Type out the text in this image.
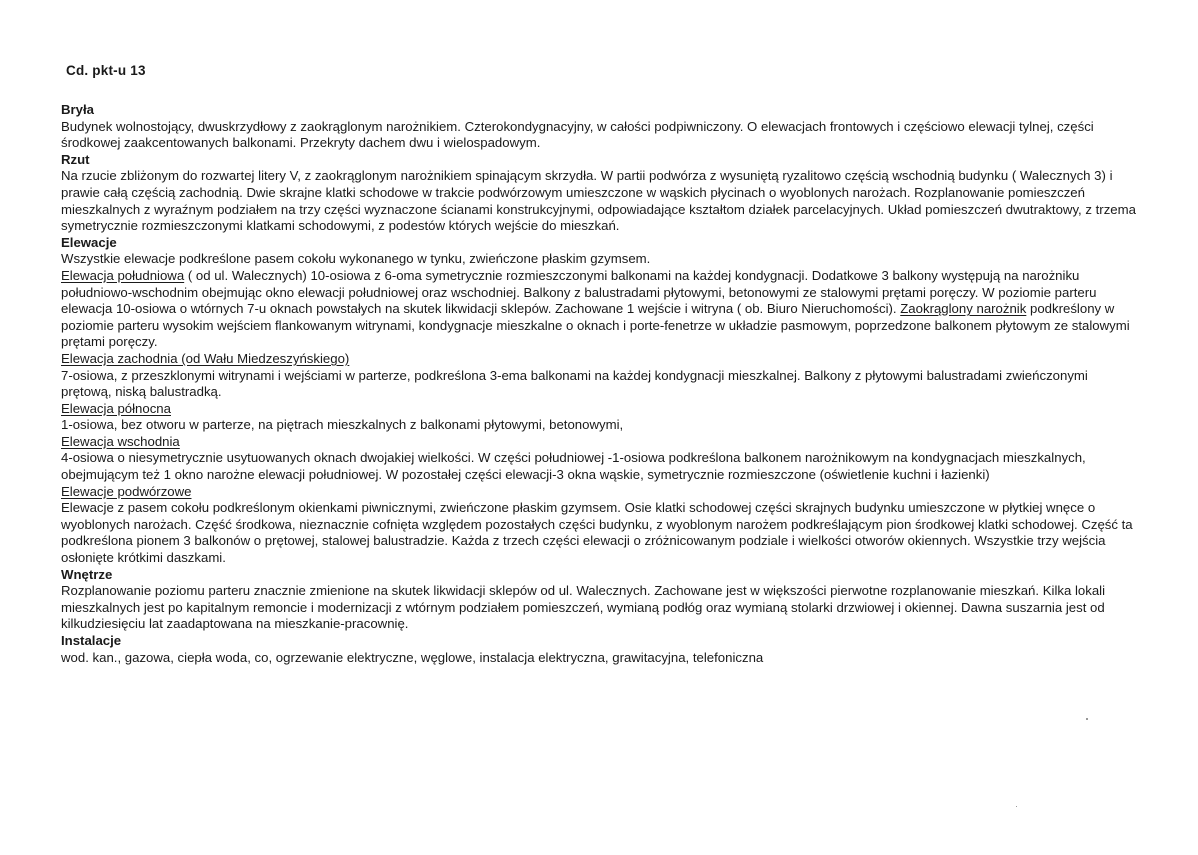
Cd. pkt-u 13
Bryła

Budynek wolnostojący, dwuskrzydłowy z zaokrąglonym narożnikiem. Czterokondygnacyjny, w całości podpiwniczony. O elewacjach frontowych i częściowo elewacji tylnej, części środkowej zaakcentowanych balkonami. Przekryty dachem dwu i wielospadowym.

Rzut

Na rzucie zbliżonym do rozwartej litery V, z zaokrąglonym narożnikiem spinającym skrzydła. W partii podwórza z wysuniętą ryzalitowo częścią wschodnią budynku ( Walecznych 3) i prawie całą częścią zachodnią. Dwie skrajne klatki schodowe w trakcie podwórzowym umieszczone w wąskich płycinach o wyoblonych narożach. Rozplanowanie pomieszczeń mieszkalnych z wyraźnym podziałem na trzy części wyznaczone ścianami konstrukcyjnymi, odpowiadające kształtom działek parcelacyjnych. Układ pomieszczeń dwutraktowy, z trzema symetrycznie rozmieszczonymi klatkami schodowymi, z podestów których wejście do mieszkań.

Elewacje

Wszystkie elewacje podkreślone pasem cokołu wykonanego w tynku, zwieńczone płaskim gzymsem.

Elewacja południowa ( od ul. Walecznych) 10-osiowa z 6-oma symetrycznie rozmieszczonymi balkonami na każdej kondygnacji. Dodatkowe 3 balkony występują na narożniku południowo-wschodnim obejmując okno elewacji południowej oraz wschodniej. Balkony z balustradami płytowymi, betonowymi ze stalowymi prętami poręczy. W poziomie parteru elewacja 10-osiowa o wtórnych 7-u oknach powstałych na skutek likwidacji sklepów. Zachowane 1 wejście i witryna ( ob. Biuro Nieruchomości). Zaokrąglony narożnik podkreślony w poziomie parteru wysokim wejściem flankowanym witrynami, kondygnacje mieszkalne o oknach i porte-fenetrze w układzie pasmowym, poprzedzone balkonem płytowym ze stalowymi prętami poręczy.

Elewacja zachodnia (od Wału Miedzeszyńskiego)

7-osiowa, z przeszklonymi witrynami i wejściami w parterze, podkreślona 3-ema balkonami na każdej kondygnacji mieszkalnej. Balkony z płytowymi balustradami zwieńczonymi prętową, niską balustradką.

Elewacja północna

1-osiowa, bez otworu w parterze, na piętrach mieszkalnych z balkonami płytowymi, betonowymi,

Elewacja wschodnia

4-osiowa o niesymetrycznie usytuowanych oknach dwojakiej wielkości. W części południowej -1-osiowa podkreślona balkonem narożnikowym na kondygnacjach mieszkalnych, obejmującym też 1 okno narożne elewacji południowej. W pozostałej części elewacji-3 okna wąskie, symetrycznie rozmieszczone (oświetlenie kuchni i łazienki)

Elewacje podwórzowe

Elewacje z pasem cokołu podkreślonym okienkami piwnicznymi, zwieńczone płaskim gzymsem. Osie klatki schodowej części skrajnych budynku umieszczone w płytkiej wnęce o wyoblonych narożach. Część środkowa, nieznacznie cofnięta względem pozostałych części budynku, z wyoblonym narożem podkreślającym pion środkowej klatki schodowej. Część ta podkreślona pionem 3 balkonów o prętowej, stalowej balustradzie. Każda z trzech części elewacji o zróżnicowanym podziale i wielkości otworów okiennych. Wszystkie trzy wejścia osłonięte krótkimi daszkami.

Wnętrze

Rozplanowanie poziomu parteru znacznie zmienione na skutek likwidacji sklepów od ul. Walecznych. Zachowane jest w większości pierwotne rozplanowanie mieszkań. Kilka lokali mieszkalnych jest po kapitalnym remoncie i modernizacji z wtórnym podziałem pomieszczeń, wymianą podłóg oraz wymianą stolarki drzwiowej i okiennej. Dawna suszarnia jest od kilkudziesięciu lat zaadaptowana na mieszkanie-pracownię.

Instalacje

wod. kan., gazowa, ciepła woda, co, ogrzewanie elektryczne, węglowe, instalacja elektryczna, grawitacyjna, telefoniczna
